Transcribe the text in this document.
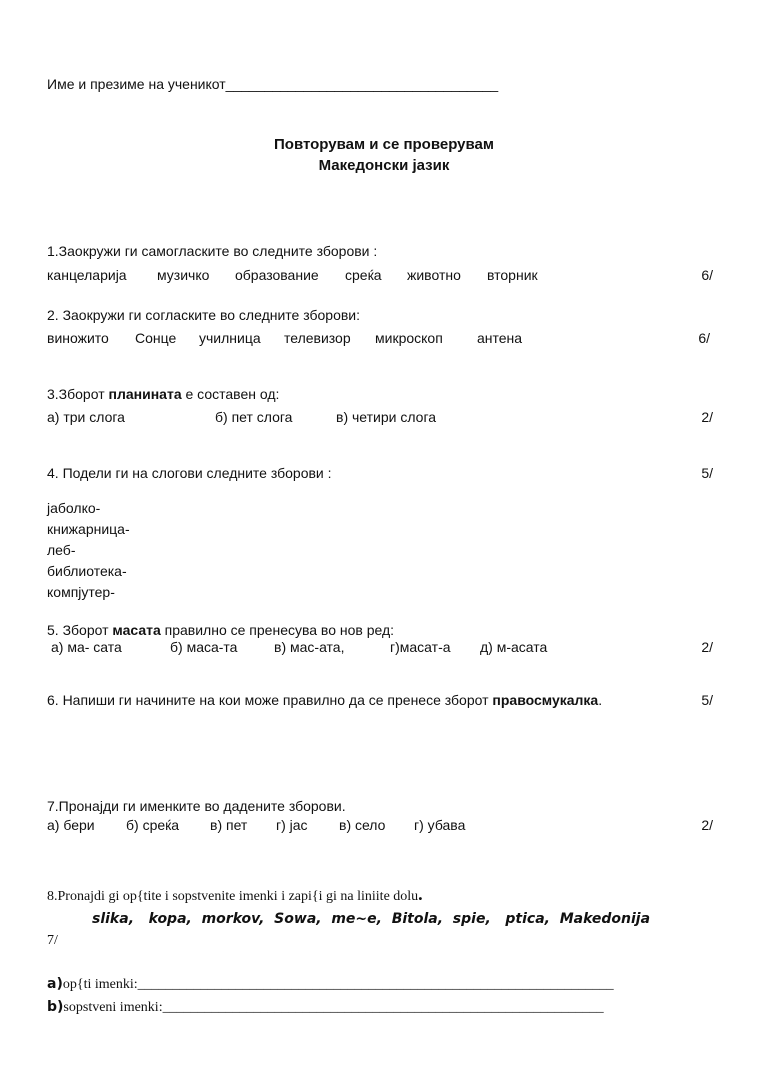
Име и презиме на ученикот___________________________________
Повторувам и се проверувам
Македонски јазик
1.Заокружи ги самогласките во следните зборови :
канцеларија музичко образование среќа животно вторник	6/
2. Заокружи ги согласките во следните зборови:
виножито Сонце училница телевизор микроскоп антена	6/
3.Зборот планината е составен од:
а) три слога	б) пет слога	в) четири слога	2/
4. Подели ги на слогови следните зборови :	5/
јаболко-
книжарница-
леб-
библиотека-
компјутер-
5. Зборот масата правилно се пренесува во нов ред:
а) ма- сата	б) маса-та	в) мас-ата,	г)масат-а д) м-асата	2/
6. Напиши ги начините на кои може правилно да се пренесе зборот правосмукалка.	5/
7.Пронајди ги именките во дадените зборови.
а) бери б) среќа в) пет г) јас в) село г) убава	2/
8.Pronajdi gi op{tite i sopstvenite imenki i zapi{i gi na liniite dolu.
slika,   kopa,  morkov,  Sowa,  me~e,  Bitola,  spie,   ptica,  Makedonija
7/
a)op{ti imenki:____________________________________________________________________
b)sopstveni imenki:_______________________________________________________________
